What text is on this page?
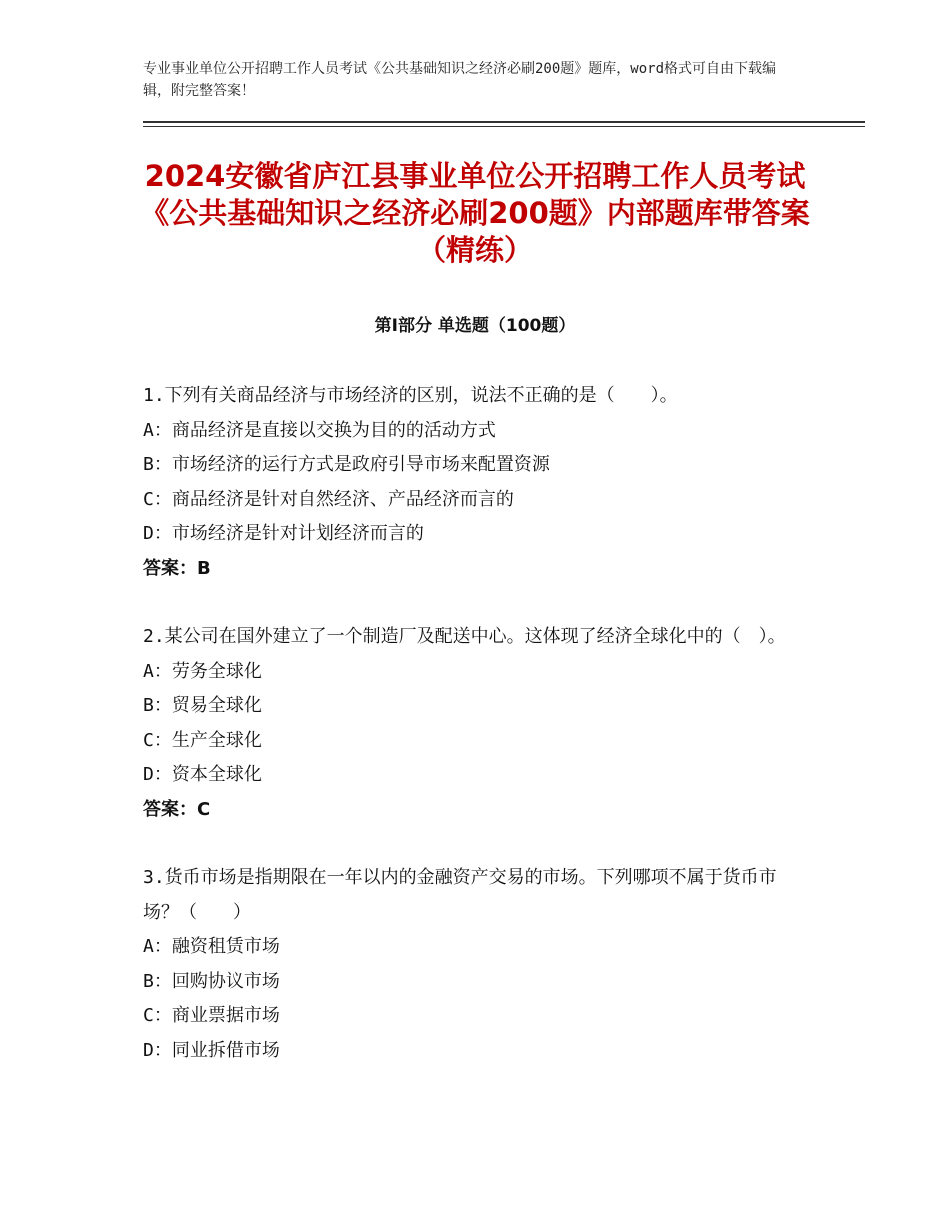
专业事业单位公开招聘工作人员考试《公共基础知识之经济必刷200题》题库，word格式可自由下载编辑，附完整答案！
2024安徽省庐江县事业单位公开招聘工作人员考试《公共基础知识之经济必刷200题》内部题库带答案（精练）
第Ⅰ部分 单选题（100题）
1.下列有关商品经济与市场经济的区别，说法不正确的是（　　）。
A：商品经济是直接以交换为目的的活动方式
B：市场经济的运行方式是政府引导市场来配置资源
C：商品经济是针对自然经济、产品经济而言的
D：市场经济是针对计划经济而言的
答案：B
2.某公司在国外建立了一个制造厂及配送中心。这体现了经济全球化中的（　）。
A：劳务全球化
B：贸易全球化
C：生产全球化
D：资本全球化
答案：C
3.货币市场是指期限在一年以内的金融资产交易的市场。下列哪项不属于货币市场？（　　）
A：融资租赁市场
B：回购协议市场
C：商业票据市场
D：同业拆借市场
